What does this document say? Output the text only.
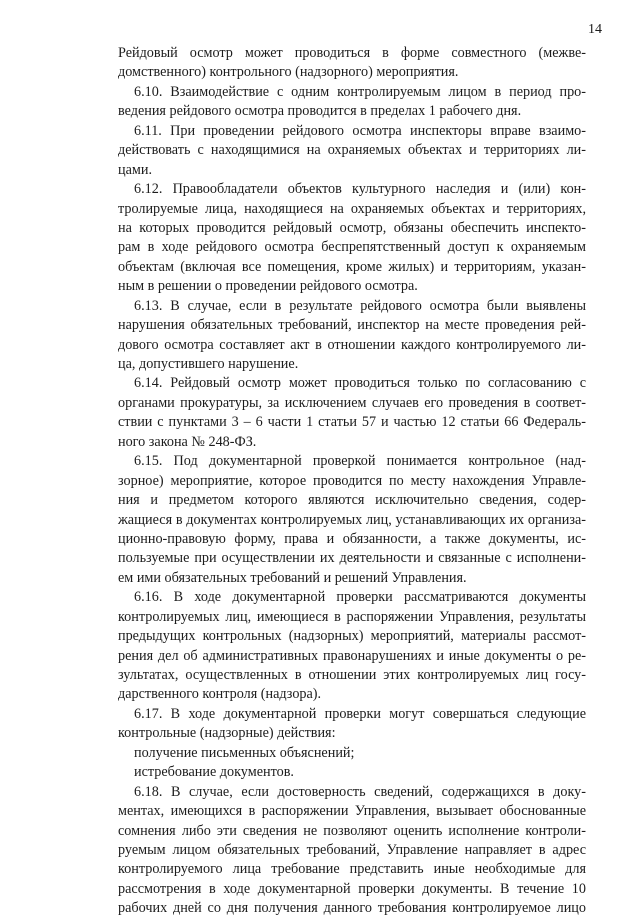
14
Рейдовый осмотр может проводиться в форме совместного (межве-
домственного) контрольного (надзорного) мероприятия.
6.10. Взаимодействие с одним контролируемым лицом в период про-
ведения рейдового осмотра проводится в пределах 1 рабочего дня.
6.11. При проведении рейдового осмотра инспекторы вправе взаимо-
действовать с находящимися на охраняемых объектах и территориях ли-
цами.
6.12. Правообладатели объектов культурного наследия и (или) кон-
тролируемые лица, находящиеся на охраняемых объектах и территориях,
на которых проводится рейдовый осмотр, обязаны обеспечить инспекто-
рам в ходе рейдового осмотра беспрепятственный доступ к охраняемым
объектам (включая все помещения, кроме жилых) и территориям, указан-
ным в решении о проведении рейдового осмотра.
6.13. В случае, если в результате рейдового осмотра были выявлены
нарушения обязательных требований, инспектор на месте проведения рей-
дового осмотра составляет акт в отношении каждого контролируемого ли-
ца, допустившего нарушение.
6.14. Рейдовый осмотр может проводиться только по согласованию с
органами прокуратуры, за исключением случаев его проведения в соответ-
ствии с пунктами 3 – 6 части 1 статьи 57 и частью 12 статьи 66 Федераль-
ного закона № 248-ФЗ.
6.15. Под документарной проверкой понимается контрольное (над-
зорное) мероприятие, которое проводится по месту нахождения Управле-
ния и предметом которого являются исключительно сведения, содер-
жащиеся в документах контролируемых лиц, устанавливающих их организа-
ционно-правовую форму, права и обязанности, а также документы, ис-
пользуемые при осуществлении их деятельности и связанные с исполнени-
ем ими обязательных требований и решений Управления.
6.16. В ходе документарной проверки рассматриваются документы
контролируемых лиц, имеющиеся в распоряжении Управления, результаты
предыдущих контрольных (надзорных) мероприятий, материалы рассмот-
рения дел об административных правонарушениях и иные документы о ре-
зультатах, осуществленных в отношении этих контролируемых лиц госу-
дарственного контроля (надзора).
6.17. В ходе документарной проверки могут совершаться следующие
контрольные (надзорные) действия:
получение письменных объяснений;
истребование документов.
6.18. В случае, если достоверность сведений, содержащихся в доку-
ментах, имеющихся в распоряжении Управления, вызывает обоснованные
сомнения либо эти сведения не позволяют оценить исполнение контроли-
руемым лицом обязательных требований, Управление направляет в адрес
контролируемого лица требование представить иные необходимые для
рассмотрения в ходе документарной проверки документы. В течение 10
рабочих дней со дня получения данного требования контролируемое лицо
